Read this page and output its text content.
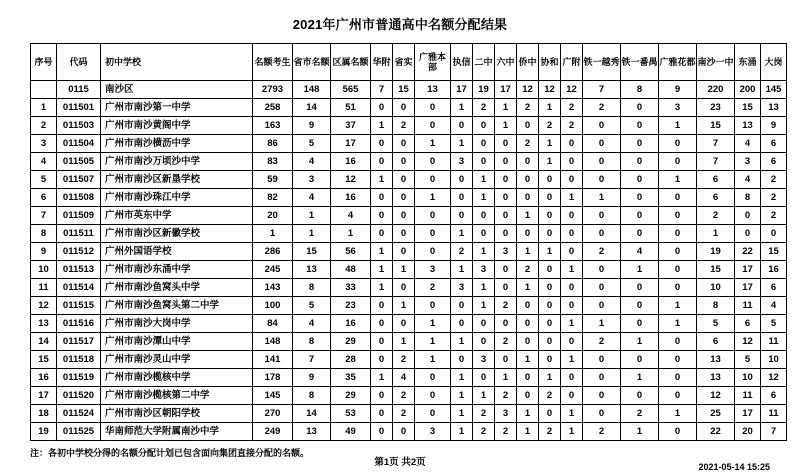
2021年广州市普通高中名额分配结果
序号	代码	初中学校	名额考生	省市名额	区属名额	华附	省实	广雅本部	执信	二中	六中	侨中	协和	广附	铁一越秀	铁一番禺	广雅花都	南沙一中	东涌	大岗
	0115	南沙区	2793	148	565	7	15	13	17	19	17	12	12	12	7	8	9	220	200	145
1	011501	广州市南沙第一中学	258	14	51	0	0	0	1	2	1	2	1	2	2	0	3	23	15	13
2	011503	广州市南沙黄阁中学	163	9	37	1	2	0	0	0	1	0	2	2	0	0	1	15	13	9
3	011504	广州市南沙横沥中学	86	5	17	0	0	1	1	0	0	2	1	0	0	0	0	7	4	6
4	011505	广州市南沙万顷沙中学	83	4	16	0	0	0	3	0	0	0	1	0	0	0	0	7	3	6
5	011507	广州市南沙区新垦学校	59	3	12	1	0	0	0	1	0	0	0	0	0	0	1	6	4	2
6	011508	广州市南沙珠江中学	82	4	16	0	0	1	0	1	0	0	0	1	1	0	0	6	8	2
7	011509	广州市英东中学	20	1	4	0	0	0	0	0	0	1	0	0	0	0	0	2	0	2
8	011511	广州市南沙区新徽学校	1	1	1	0	0	0	1	0	0	0	0	0	0	0	0	1	0	0
9	011512	广州外国语学校	286	15	56	1	0	0	2	1	3	1	1	0	2	4	0	19	22	15
10	011513	广州市南沙东涌中学	245	13	48	1	1	3	1	3	0	2	0	1	0	1	0	15	17	16
11	011514	广州市南沙鱼窝头中学	143	8	33	1	0	2	3	1	0	1	0	0	0	0	0	10	17	6
12	011515	广州市南沙鱼窝头第二中学	100	5	23	0	1	0	0	1	2	0	0	0	0	0	1	8	11	4
13	011516	广州市南沙大岗中学	84	4	16	0	0	1	0	0	0	0	0	1	1	0	1	5	6	5
14	011517	广州市南沙潭山中学	148	8	29	0	1	1	1	0	2	0	0	0	2	1	0	6	12	11
15	011518	广州市南沙灵山中学	141	7	28	0	2	1	0	3	0	1	0	1	0	0	0	13	5	10
16	011519	广州市南沙榄核中学	178	9	35	1	4	0	1	0	1	0	1	0	0	1	0	13	10	12
17	011520	广州市南沙榄核第二中学	145	8	29	0	2	0	1	1	2	0	2	0	0	0	0	12	11	6
18	011524	广州市南沙区朝阳学校	270	14	53	0	2	0	1	2	3	1	0	1	0	2	1	25	17	11
19	011525	华南师范大学附属南沙中学	249	13	49	0	0	3	1	2	2	1	2	1	2	1	0	22	20	7
注：各初中学校分得的名额分配计划已包含面向集团直接分配的名额。
2021-05-14 15:25
第1页 共2页
